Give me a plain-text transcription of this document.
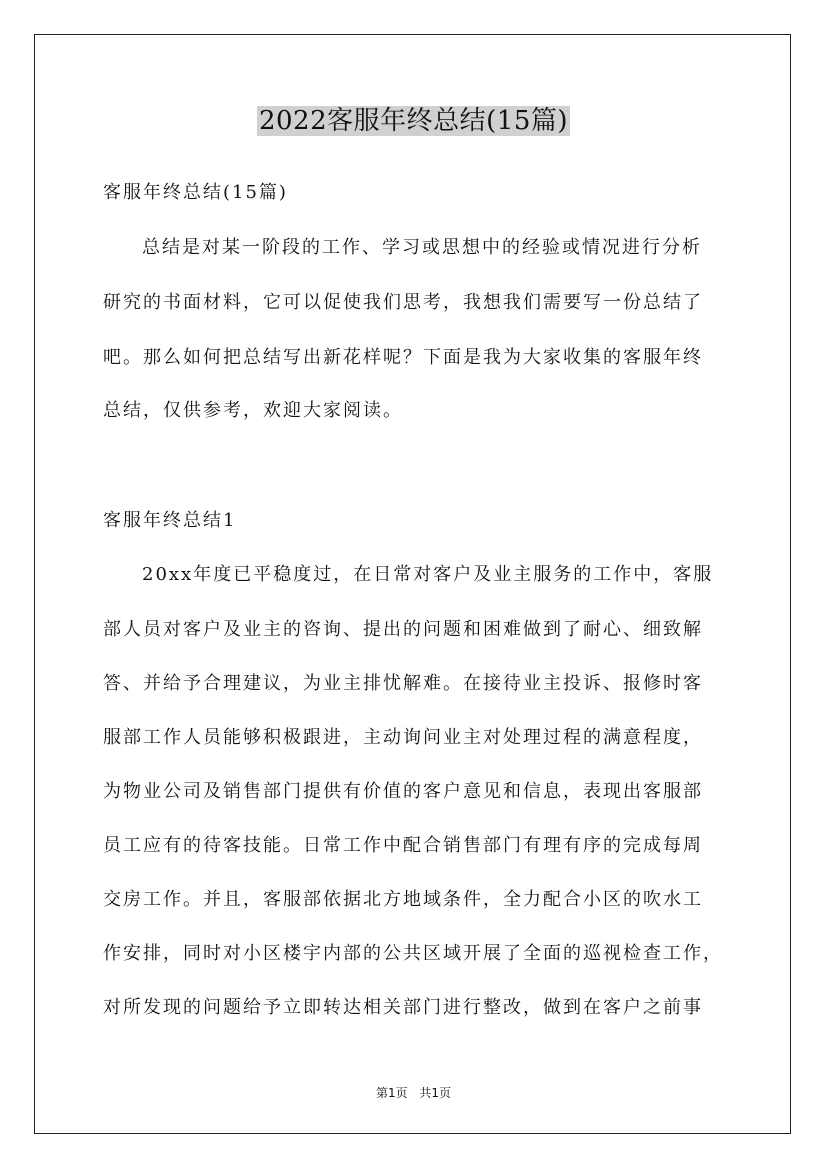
2022客服年终总结(15篇)
客服年终总结(15篇)
总结是对某一阶段的工作、学习或思想中的经验或情况进行分析
研究的书面材料，它可以促使我们思考，我想我们需要写一份总结了
吧。那么如何把总结写出新花样呢？下面是我为大家收集的客服年终
总结，仅供参考，欢迎大家阅读。
客服年终总结1
20xx年度已平稳度过，在日常对客户及业主服务的工作中，客服
部人员对客户及业主的咨询、提出的问题和困难做到了耐心、细致解
答、并给予合理建议，为业主排忧解难。在接待业主投诉、报修时客
服部工作人员能够积极跟进，主动询问业主对处理过程的满意程度，
为物业公司及销售部门提供有价值的客户意见和信息，表现出客服部
员工应有的待客技能。日常工作中配合销售部门有理有序的完成每周
交房工作。并且，客服部依据北方地域条件，全力配合小区的吹水工
作安排，同时对小区楼宇内部的公共区域开展了全面的巡视检查工作，
对所发现的问题给予立即转达相关部门进行整改，做到在客户之前事
第1页 共1页
